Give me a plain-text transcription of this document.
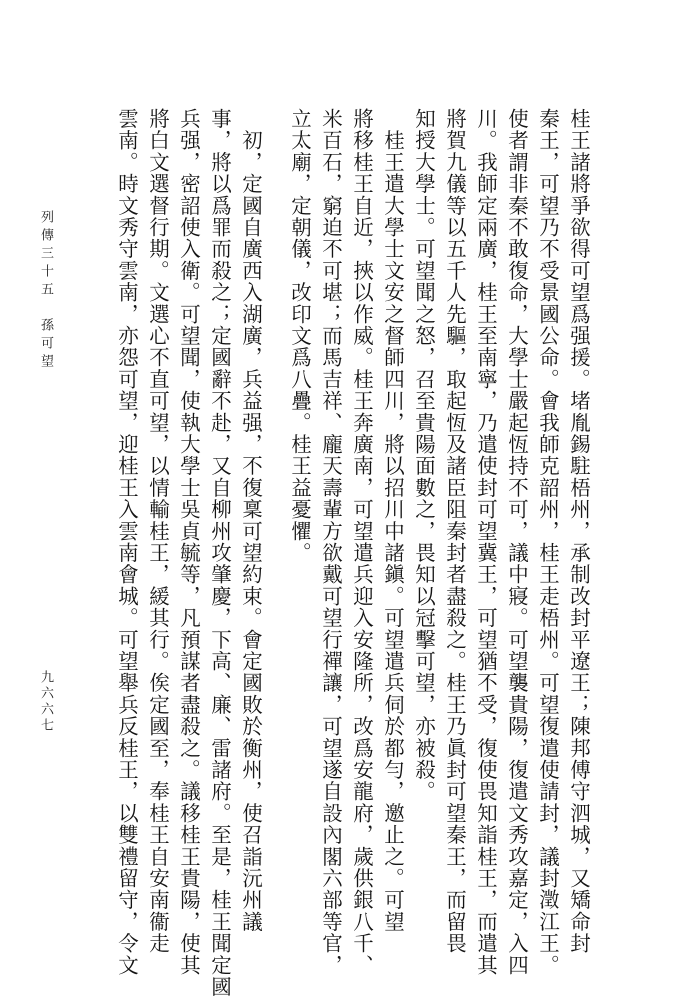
桂王諸將爭欲得可望爲强援。堵胤錫駐梧州，承制改封平遼王；陳邦傅守泗城，又矯命封
秦王，可望乃不受景國公命。會我師克韶州，桂王走梧州。可望復遣使請封，議封澂江王。
使者謂非秦不敢復命，大學士嚴起恆持不可，議中寢。可望襲貴陽，復遣文秀攻嘉定，入四
川。我師定兩廣，桂王至南寧，乃遣使封可望冀王，可望猶不受，復使畏知詣桂王，而遣其
將賀九儀等以五千人先驅，取起恆及諸臣阻秦封者盡殺之。桂王乃眞封可望秦王，而留畏
知授大學士。可望聞之怒，召至貴陽面數之，畏知以冠擊可望，亦被殺。
　桂王遣大學士文安之督師四川，將以招川中諸鎭。可望遣兵伺於都勻，邀止之。可望
將移桂王自近，挾以作威。桂王奔廣南，可望遣兵迎入安隆所，改爲安龍府，歲供銀八千、
米百石，窮迫不可堪；而馬吉祥、龐天壽輩方欲戴可望行禪讓，可望遂自設內閣六部等官，
立太廟，定朝儀，改印文爲八疊。桂王益憂懼。
　初，定國自廣西入湖廣，兵益强，不復稟可望約束。會定國敗於衡州，使召詣沅州議
事，將以爲罪而殺之；定國辭不赴，又自柳州攻肇慶，下高、廉、雷諸府。至是，桂王聞定國
兵强，密詔使入衛。可望聞，使執大學士吳貞毓等，凡預謀者盡殺之。議移桂王貴陽，使其
將白文選督行期。文選心不直可望，以情輸桂王，緩其行。俟定國至，奉桂王自安南衞走
雲南。時文秀守雲南，亦怨可望，迎桂王入雲南會城。可望舉兵反桂王，以雙禮留守，令文
列傳三十五　孫可望
九六六七
